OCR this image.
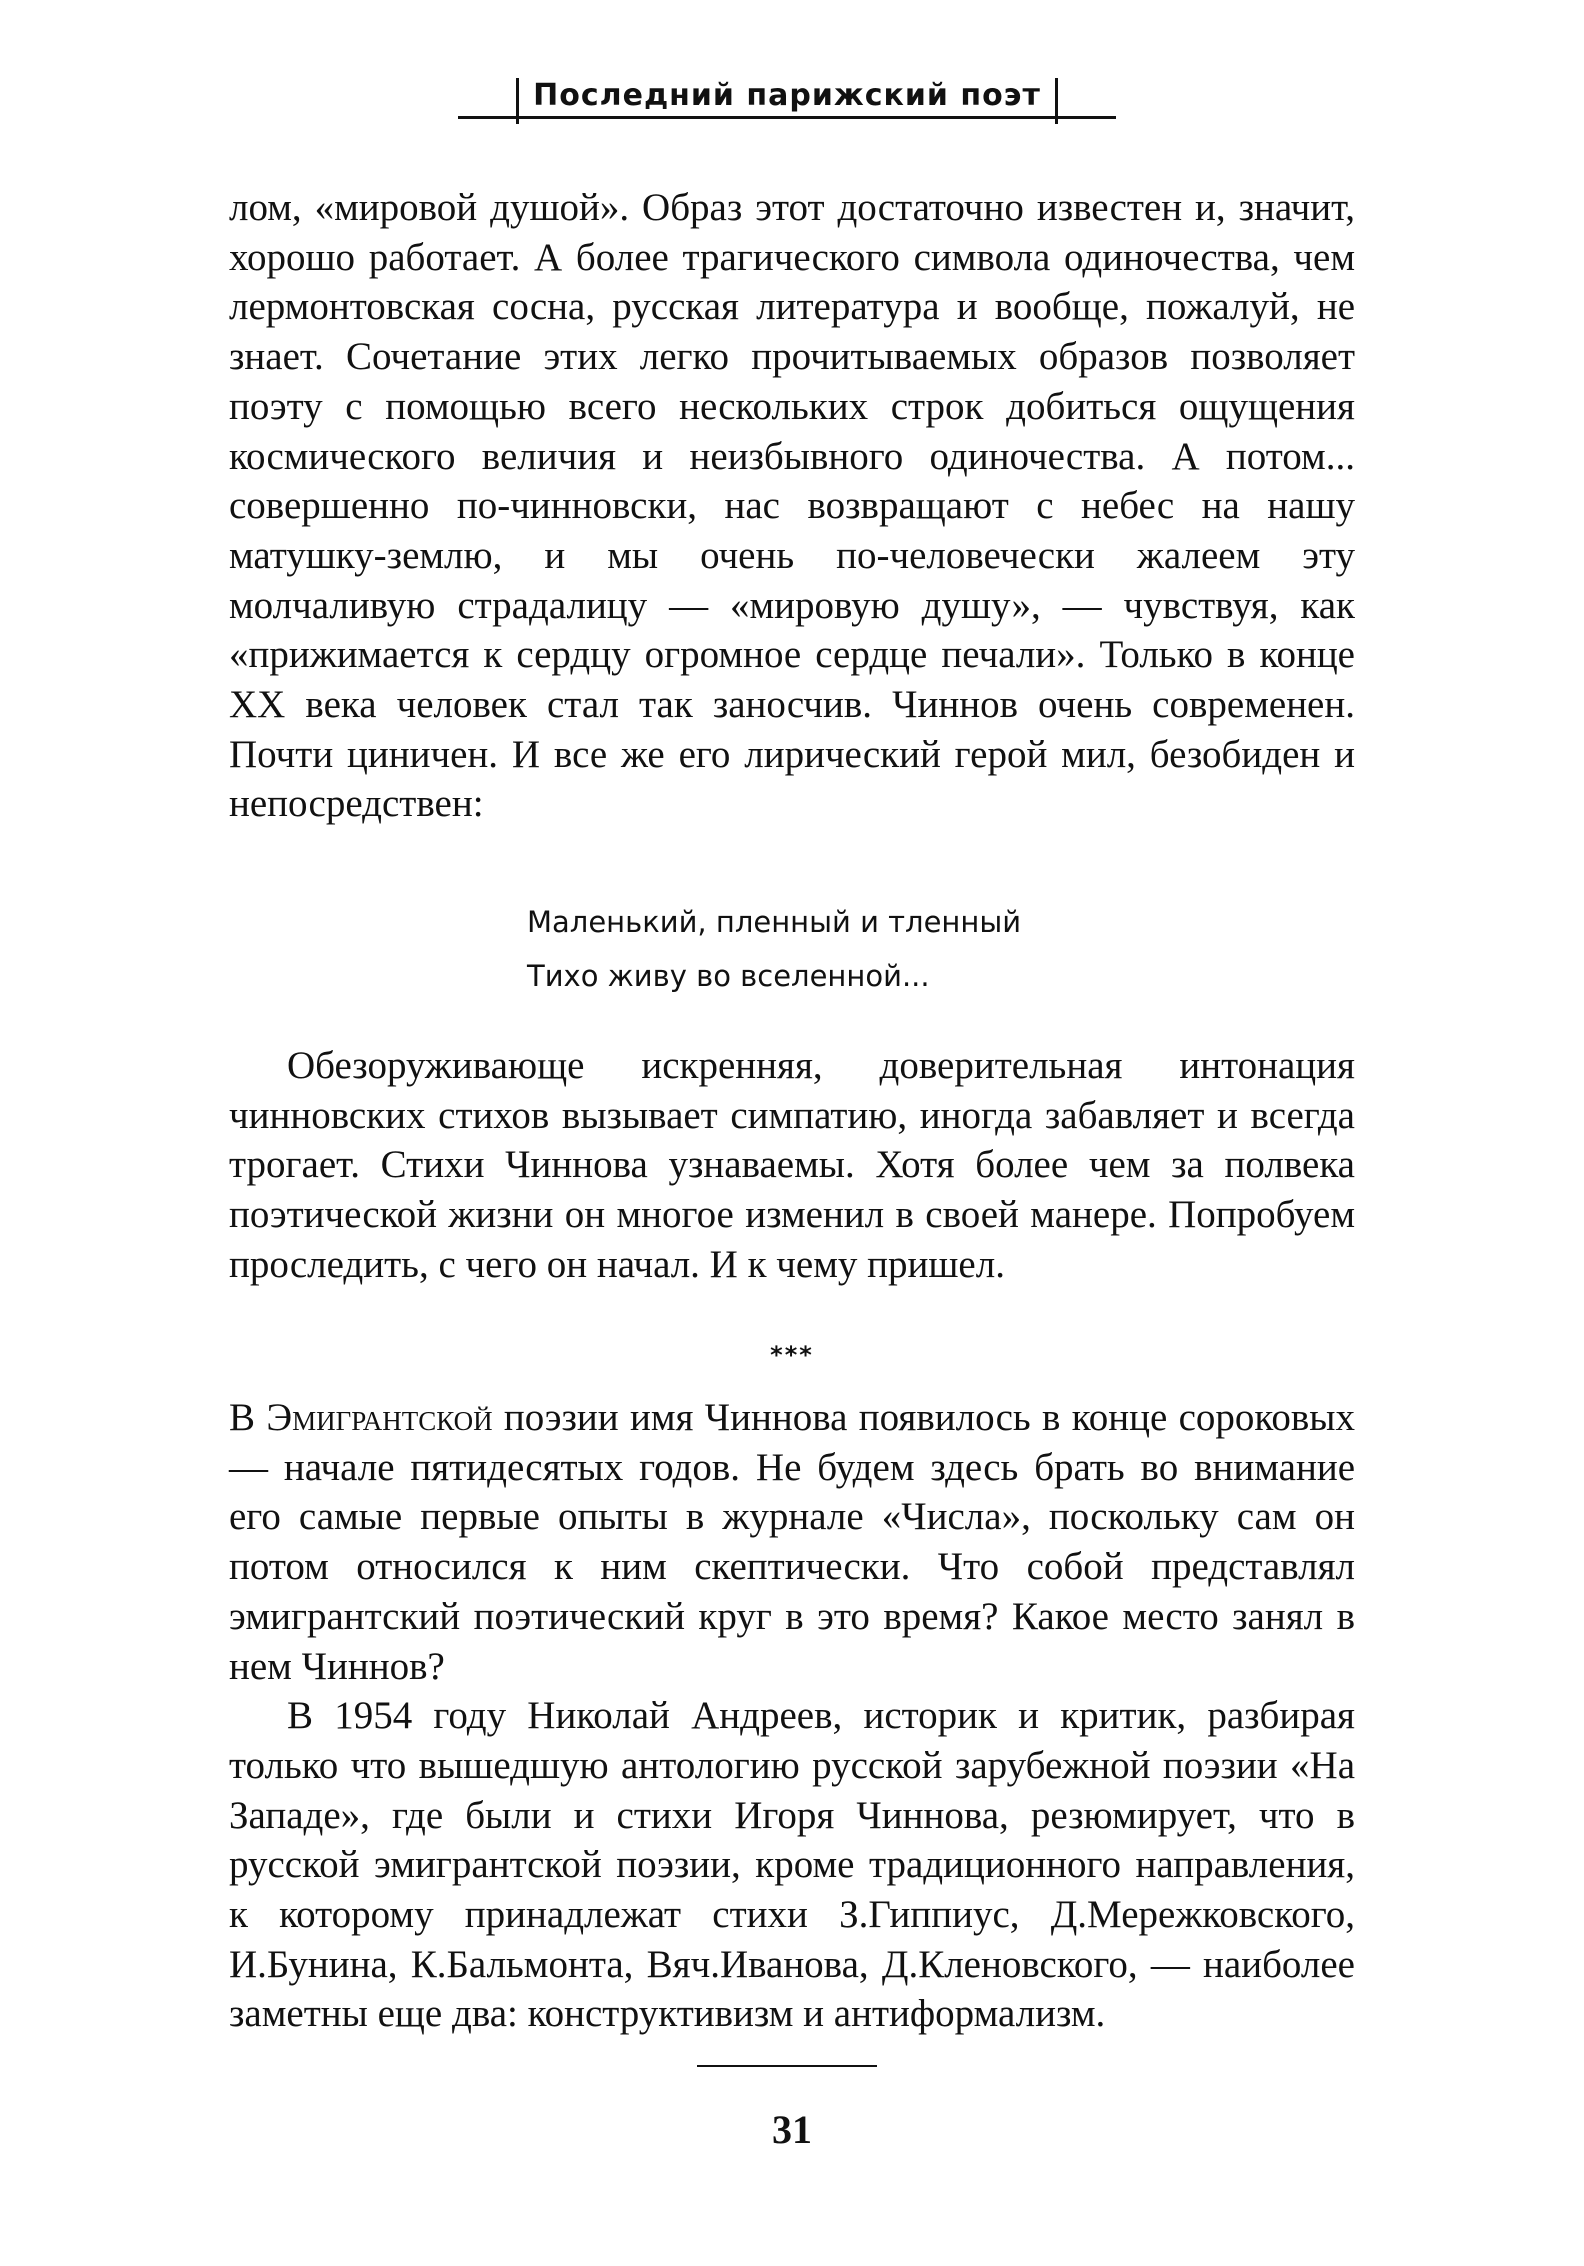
Последний парижский поэт

лом, «мировой душой». Образ этот достаточно известен и, значит, хорошо работает. А более трагического символа одиночества, чем лермонтовская сосна, русская литература и вообще, пожалуй, не знает. Сочетание этих легко прочитываемых образов позволяет поэту с помощью всего нескольких строк добиться ощущения космического величия и неизбывного одиночества. А потом... совершенно по-чинновски, нас возвращают с небес на нашу матушку-землю, и мы очень по-человечески жалеем эту молчаливую страдалицу — «мировую душу», — чувствуя, как «прижимается к сердцу огромное сердце печали». Только в конце XX века человек стал так заносчив. Чиннов очень современен. Почти циничен. И все же его лирический герой мил, безобиден и непосредствен:

Маленький, пленный и тленный
Тихо живу во вселенной...

Обезоруживающе искренняя, доверительная интонация чинновских стихов вызывает симпатию, иногда забавляет и всегда трогает. Стихи Чиннова узнаваемы. Хотя более чем за полвека поэтической жизни он многое изменил в своей манере. Попробуем проследить, с чего он начал. И к чему пришел.

***

В Эмигрантской поэзии имя Чиннова появилось в конце сороковых — начале пятидесятых годов. Не будем здесь брать во внимание его самые первые опыты в журнале «Числа», поскольку сам он потом относился к ним скептически. Что собой представлял эмигрантский поэтический круг в это время? Какое место занял в нем Чиннов?

В 1954 году Николай Андреев, историк и критик, разбирая только что вышедшую антологию русской зарубежной поэзии «На Западе», где были и стихи Игоря Чиннова, резюмирует, что в русской эмигрантской поэзии, кроме традиционного направления, к которому принадлежат стихи З.Гиппиус, Д.Мережковского, И.Бунина, К.Бальмонта, Вяч.Иванова, Д.Кленовского, — наиболее заметны еще два: конструктивизм и антиформализм.

31
